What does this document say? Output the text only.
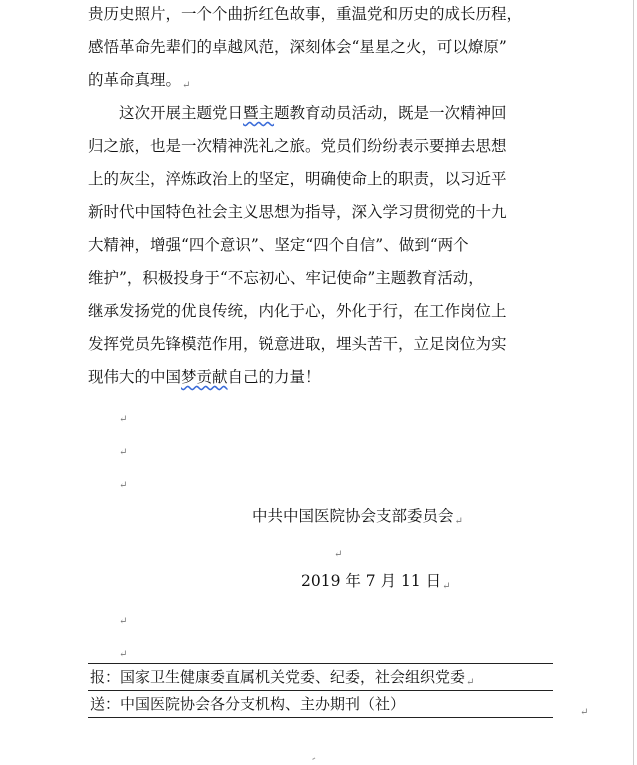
贵历史照片，一个个曲折红色故事，重温党和历史的成长历程，
感悟革命先辈们的卓越风范，深刻体会“星星之火，可以燎原”
的革命真理。↵
这次开展主题党日暨主题教育动员活动，既是一次精神回
归之旅，也是一次精神洗礼之旅。党员们纷纷表示要掸去思想
上的灰尘，淬炼政治上的坚定，明确使命上的职责，以习近平
新时代中国特色社会主义思想为指导，深入学习贯彻党的十九
大精神，增强“四个意识”、坚定“四个自信”、做到“两个
维护”，积极投身于“不忘初心、牢记使命”主题教育活动，
继承发扬党的优良传统，内化于心，外化于行，在工作岗位上
发挥党员先锋模范作用，锐意进取，埋头苦干，立足岗位为实
现伟大的中国梦贡献自己的力量！
↵
↵
↵
中共中国医院协会支部委员会↵
↵
2019 年 7 月 11 日↵
↵
↵
报：国家卫生健康委直属机关党委、纪委，社会组织党委$_↵$
送：中国医院协会各分支机构、主办期刊（社）	↵
